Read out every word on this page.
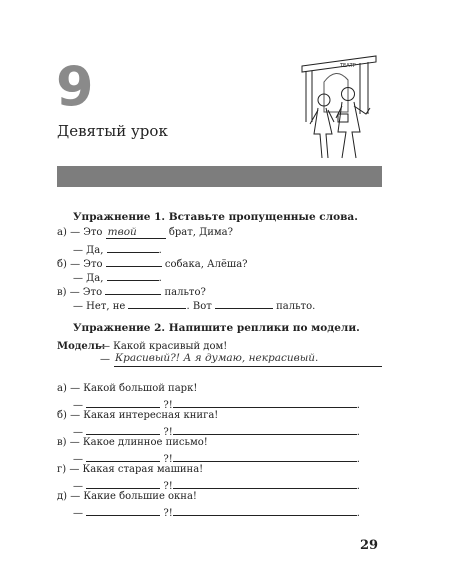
9
Девятый урок
ТЕАТР
Упражнение 1. Вставьте пропущенные слова.
а) — Это твой	брат, Дима?
— Да,	.
б) — Это	собака, Алёша?
— Да,	.
в) — Это	пальто?
— Нет, не	. Вот	пальто.
Упражнение 2. Напишите реплики по модели.
Модель:
— Какой красивый дом!
— Красивый?! А я думаю, некрасивый.
а) — Какой большой парк!
—	?!	.
б) — Какая интересная книга!
—	?!	.
в) — Какое длинное письмо!
—	?!	.
г) — Какая старая машина!
—	?!	.
д) — Какие большие окна!
—	?!	.
29
